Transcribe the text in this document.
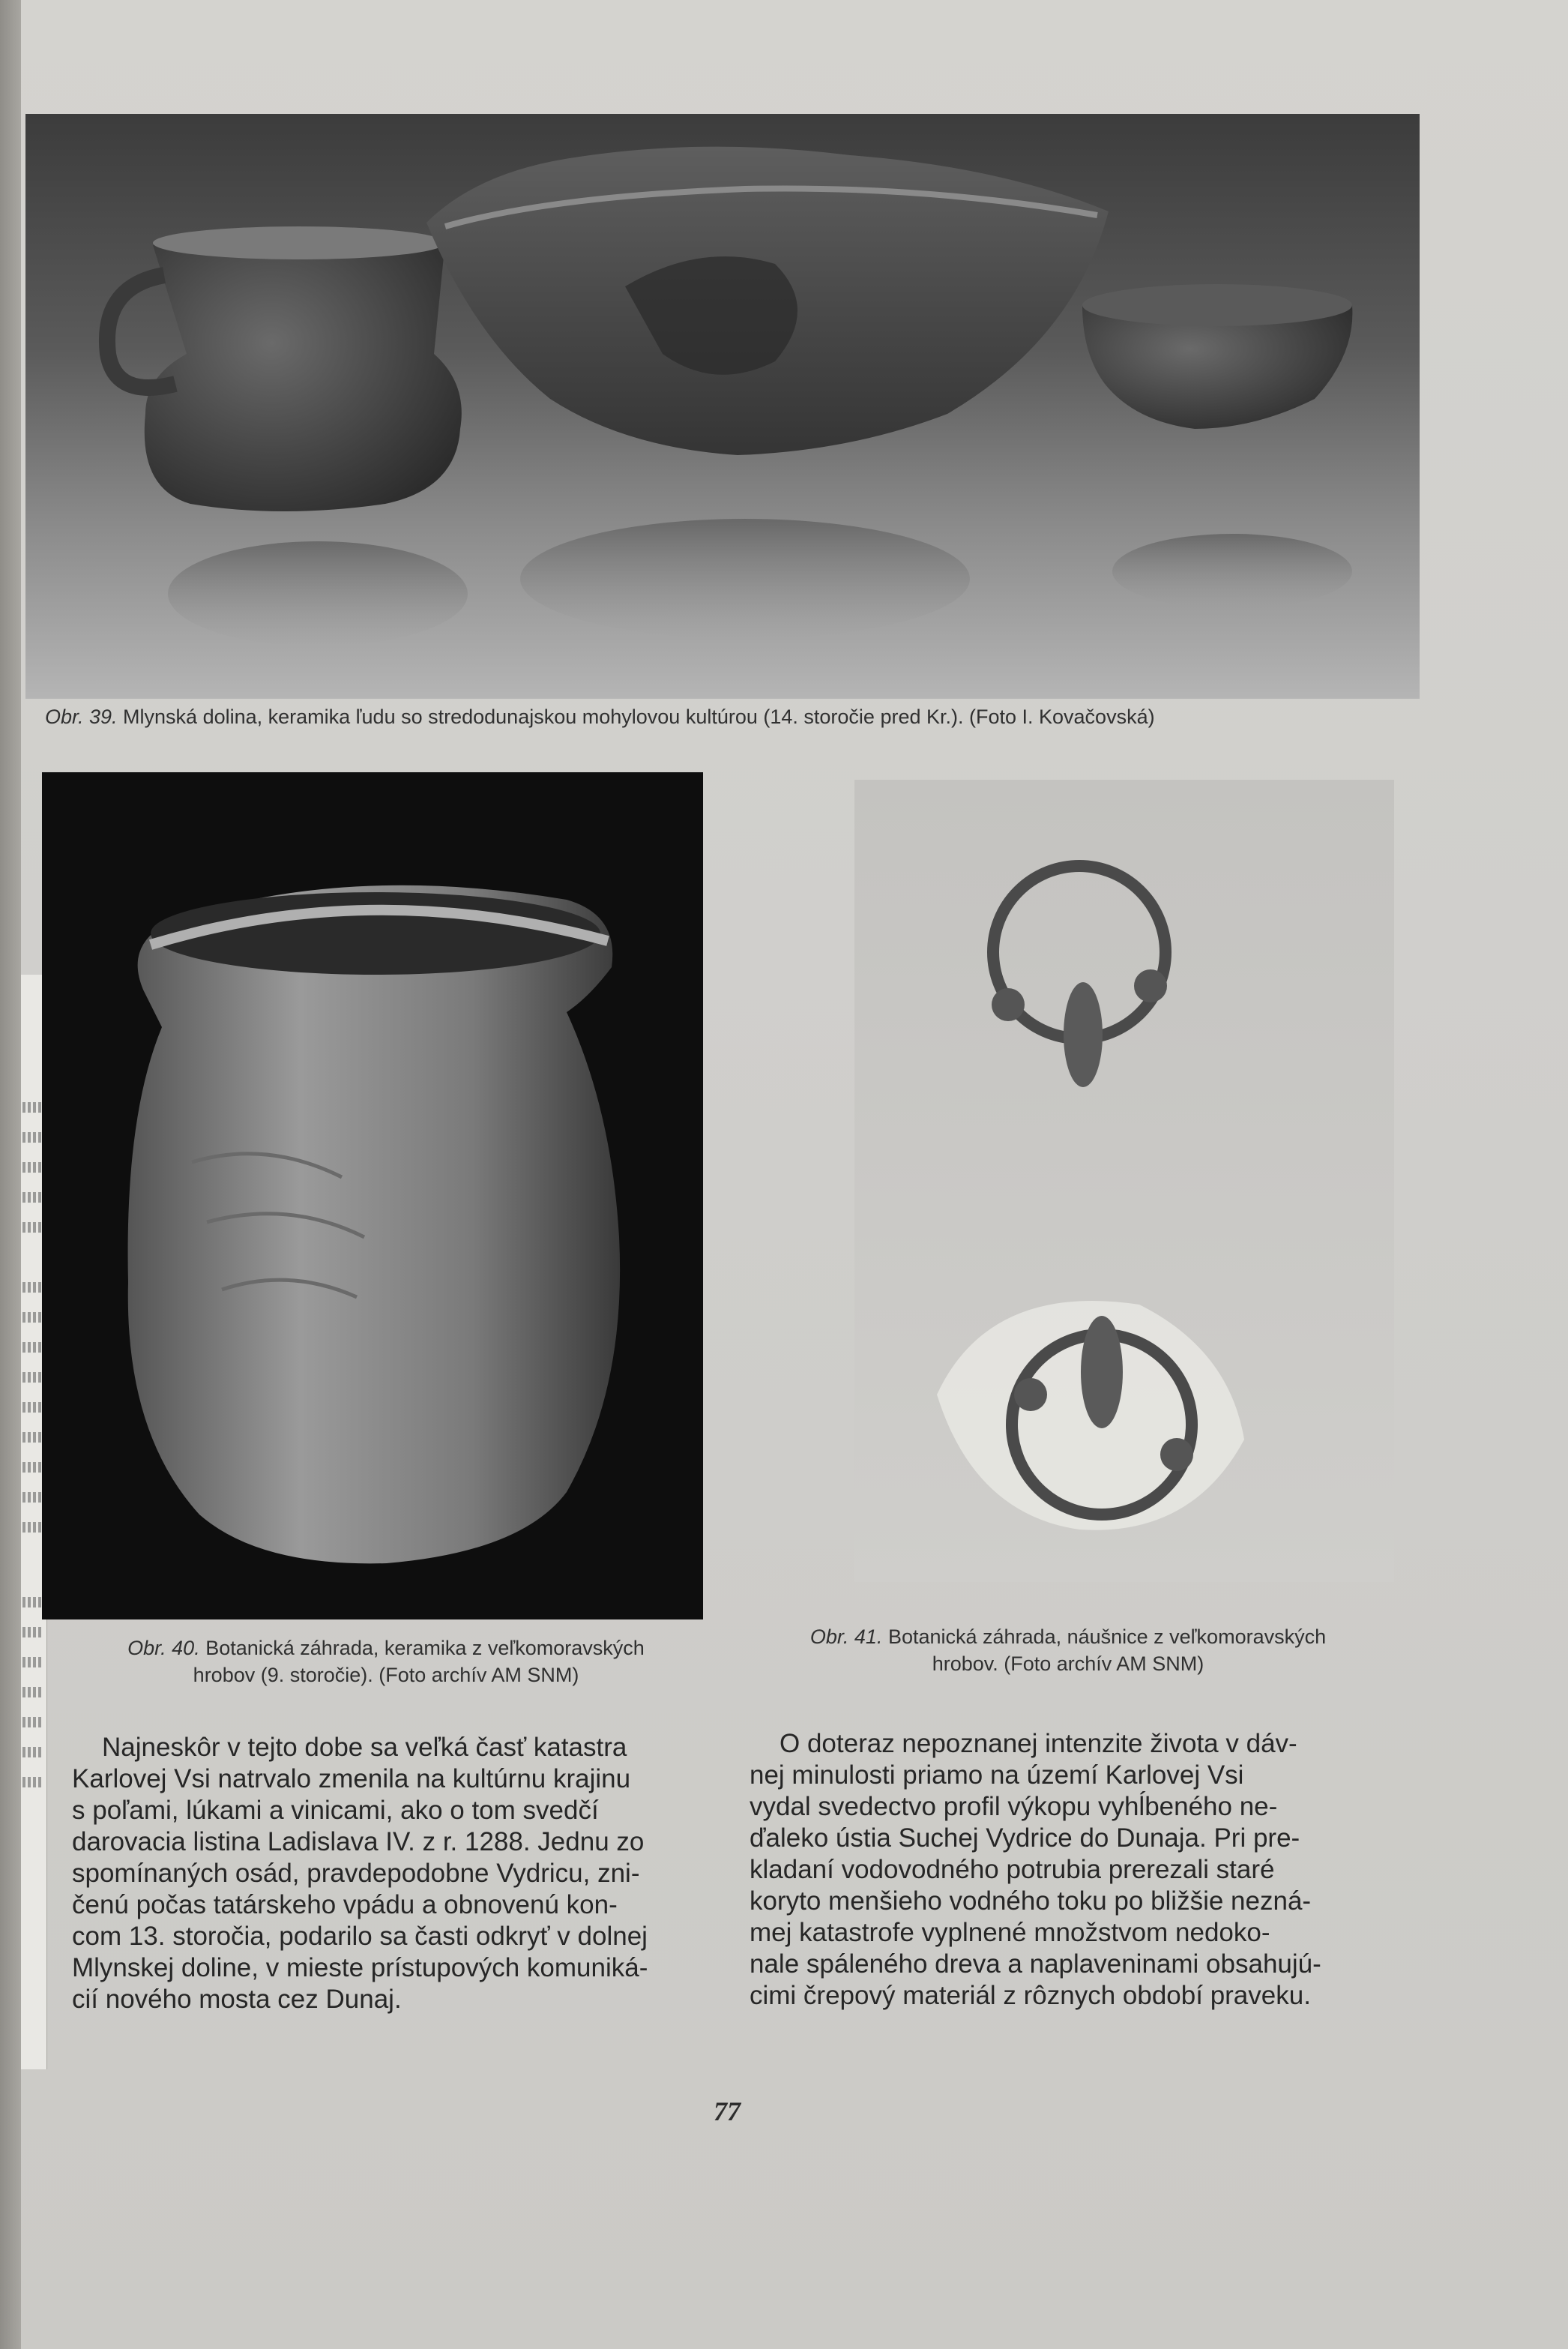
Obr. 39. Mlynská dolina, keramika ľudu so stredodunajskou mohylovou kultúrou (14. storočie pred Kr.). (Foto I. Kovačovská)
Obr. 40. Botanická záhrada, keramika z veľkomoravských
hrobov (9. storočie). (Foto archív AM SNM)
Obr. 41. Botanická záhrada, náušnice z veľkomoravských
hrobov. (Foto archív AM SNM)
Najneskôr v tejto dobe sa veľká časť katastra
Karlovej Vsi natrvalo zmenila na kultúrnu krajinu
s poľami, lúkami a vinicami, ako o tom svedčí
darovacia listina Ladislava IV. z r. 1288. Jednu zo
spomínaných osád, pravdepodobne Vydricu, zni-
čenú počas tatárskeho vpádu a obnovenú kon-
com 13. storočia, podarilo sa časti odkryť v dolnej
Mlynskej doline, v mieste prístupových komuniká-
cií nového mosta cez Dunaj.
O doteraz nepoznanej intenzite života v dáv-
nej minulosti priamo na území Karlovej Vsi
vydal svedectvo profil výkopu vyhĺbeného ne-
ďaleko ústia Suchej Vydrice do Dunaja. Pri pre-
kladaní vodovodného potrubia prerezali staré
koryto menšieho vodného toku po bližšie nezná-
mej katastrofe vyplnené množstvom nedoko-
nale spáleného dreva a naplaveninami obsahujú-
cimi črepový materiál z rôznych období praveku.
77
